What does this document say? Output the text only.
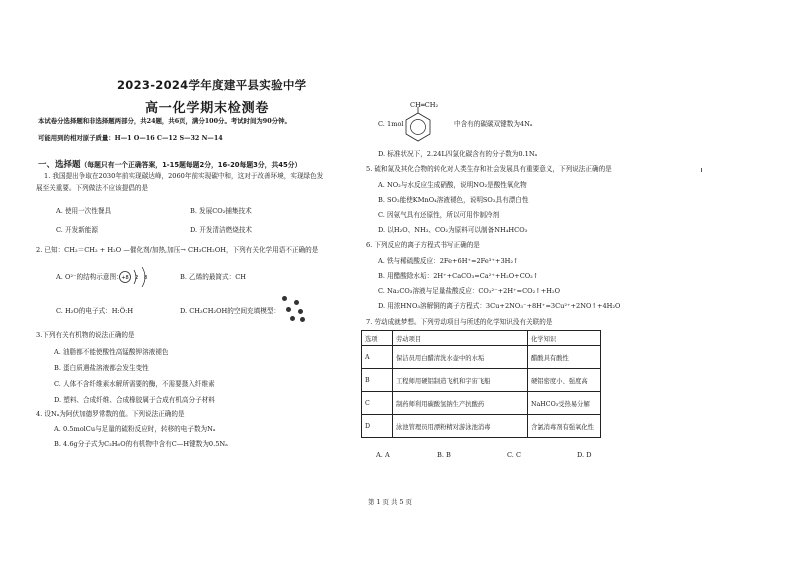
2023-2024学年度建平县实验中学
高一化学期末检测卷
本试卷分选择题和非选择题两部分，共24题，共6页，满分100分。考试时间为90分钟。
可能用到的相对原子质量：H—1 O—16 C—12 S—32 N—14
一、选择题（每题只有一个正确答案，1-15题每题2分，16-20每题3分，共45分）
1. 我国提出争取在2030年前实现碳达峰，2060年前实现碳中和，这对于改善环境，实现绿色发
展至关重要。下列做法不应该提倡的是
A. 使用一次性餐具	B. 发展CO₂捕集技术
C. 开发新能源	D. 开发清洁燃烧技术
2. 已知：CH₂＝CH₂ + H₂O —催化剂/加热,加压→ CH₃CH₂OH，下列有关化学用语不正确的是
A. O²⁻的结构示意图：
+8 2 8	B. 乙烯的最简式：CH
C. H₂O的电子式：H:Ö:H	D. CH₃CH₂OH的空间充填模型：
3.下列有关有机物的说法正确的是
A. 油脂都不能使酸性高锰酸钾溶液褪色
B. 蛋白质遇盐溶液都会发生变性
C. 人体不含纤维素水解所需要的酶，不需要摄入纤维素
D. 塑料、合成纤维、合成橡胶属于合成有机高分子材料
4. 设Nₐ为阿伏加德罗常数的值。下列说法正确的是
A. 0.5molCu与足量的硫粉反应时，转移的电子数为Nₐ
B. 4.6g分子式为C₂H₆O的有机物中含有C—H键数为0.5Nₐ
C. 1mol
CH═CH₂
中含有的碳碳双键数为4Nₐ
D. 标准状况下，2.24L四氯化碳含有的分子数为0.1Nₐ
5. 硫和氮及其化合物的转化对人类生存和社会发展具有重要意义，下列说法正确的是
A. NO₂与水反应生成硝酸，说明NO₂是酸性氧化物
B. SO₂能使KMnO₄溶液褪色，说明SO₂具有漂白性
C. 因氨气具有还原性，所以可用作制冷剂
D. 以H₂O、NH₃、CO₂为原料可以制备NH₄HCO₃
6. 下列反应的离子方程式书写正确的是
A. 铁与稀硫酸反应：2Fe+6H⁺=2Fe³⁺+3H₂↑
B. 用醋酸除水垢：2H⁺+CaCO₃=Ca²⁺+H₂O+CO₂↑
C. Na₂CO₃溶液与足量盐酸反应：CO₃²⁻+2H⁺=CO₂↑+H₂O
D. 用浓HNO₃溶解铜的离子方程式：3Cu+2NO₃⁻+8H⁺=3Cu²⁺+2NO↑+4H₂O
7. 劳动成就梦想。下列劳动项目与所述的化学知识没有关联的是
选项	劳动项目	化学知识
A	保洁员用白醋清洗水壶中的水垢	醋酸具有酸性
B	工程师用硬铝制造飞机和宇宙飞船	硬铝密度小、强度高
C	制药师利用碳酸氢钠生产抗酸药	NaHCO₃受热易分解
D	泳池管理员用漂粉精对游泳池消毒	含氯消毒剂有强氧化性
A. A	B. B	C. C	D. D
第 1 页 共 5 页
